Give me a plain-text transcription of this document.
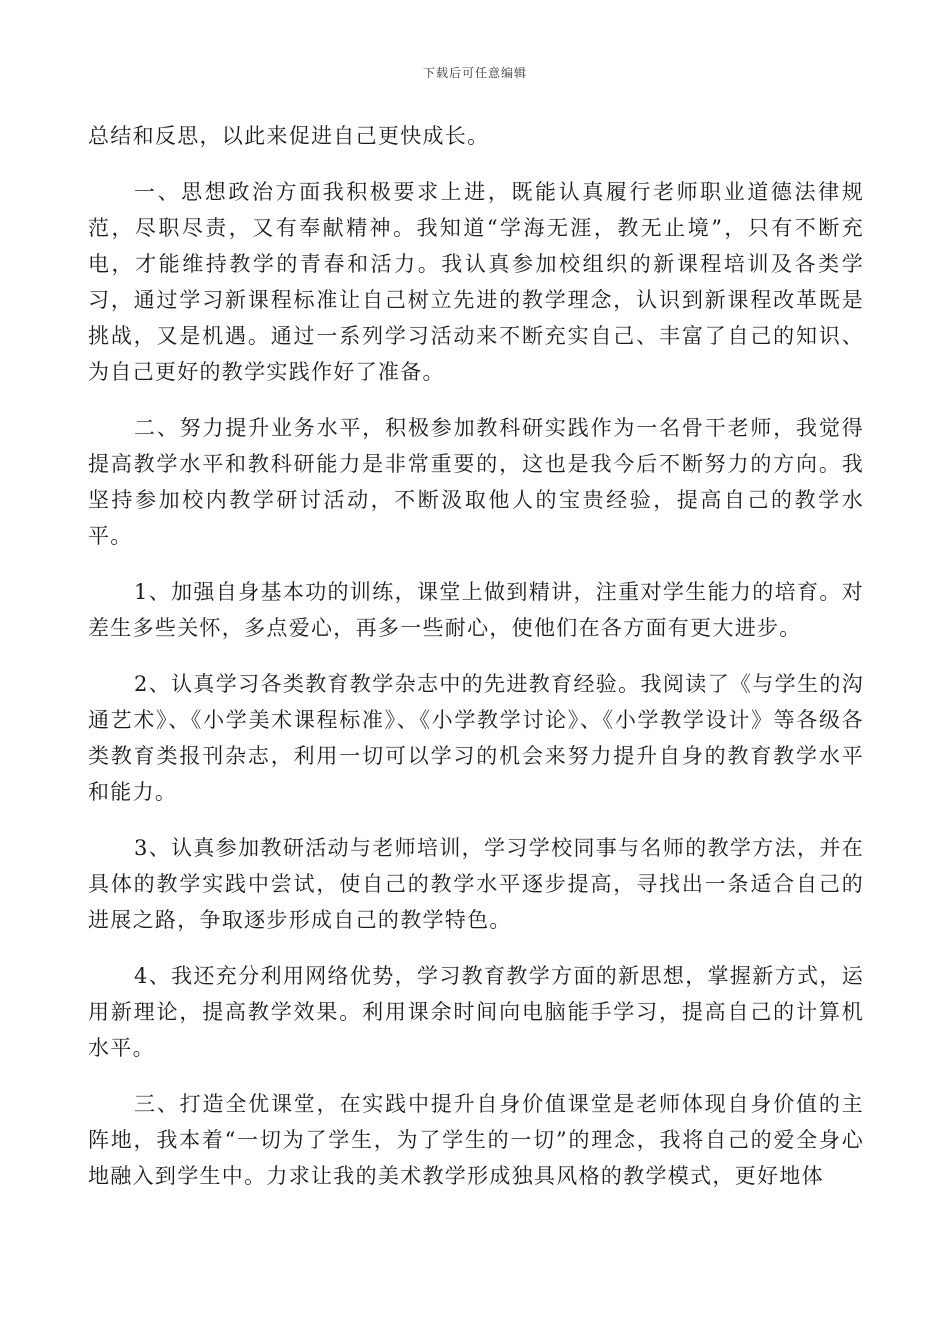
下载后可任意编辑

总结和反思，以此来促进自己更快成长。

一、思想政治方面我积极要求上进，既能认真履行老师职业道德法律规范，尽职尽责，又有奉献精神。我知道“学海无涯，教无止境”，只有不断充电，才能维持教学的青春和活力。我认真参加校组织的新课程培训及各类学习，通过学习新课程标准让自己树立先进的教学理念，认识到新课程改革既是挑战，又是机遇。通过一系列学习活动来不断充实自己、丰富了自己的知识、为自己更好的教学实践作好了准备。

二、努力提升业务水平，积极参加教科研实践作为一名骨干老师，我觉得提高教学水平和教科研能力是非常重要的，这也是我今后不断努力的方向。我坚持参加校内教学研讨活动，不断汲取他人的宝贵经验，提高自己的教学水平。

1、加强自身基本功的训练，课堂上做到精讲，注重对学生能力的培育。对差生多些关怀，多点爱心，再多一些耐心，使他们在各方面有更大进步。

2、认真学习各类教育教学杂志中的先进教育经验。我阅读了《与学生的沟通艺术》、《小学美术课程标准》、《小学教学讨论》、《小学教学设计》等各级各类教育类报刊杂志，利用一切可以学习的机会来努力提升自身的教育教学水平和能力。

3、认真参加教研活动与老师培训，学习学校同事与名师的教学方法，并在具体的教学实践中尝试，使自己的教学水平逐步提高，寻找出一条适合自己的进展之路，争取逐步形成自己的教学特色。

4、我还充分利用网络优势，学习教育教学方面的新思想，掌握新方式，运用新理论，提高教学效果。利用课余时间向电脑能手学习，提高自己的计算机水平。

三、打造全优课堂，在实践中提升自身价值课堂是老师体现自身价值的主阵地，我本着“一切为了学生，为了学生的一切”的理念，我将自己的爱全身心地融入到学生中。力求让我的美术教学形成独具风格的教学模式，更好地体
